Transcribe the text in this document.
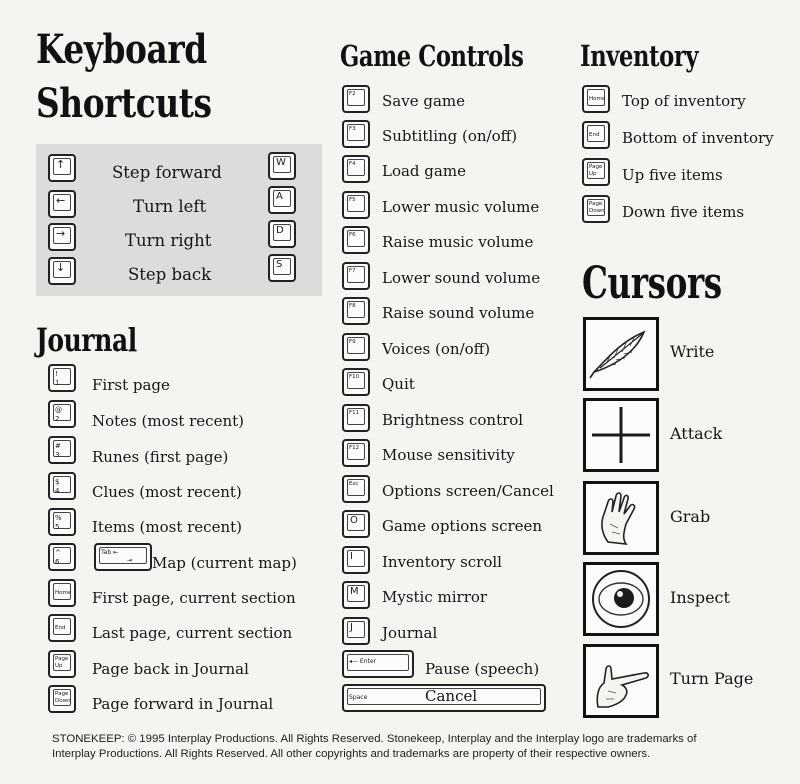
Keyboard
Shortcuts
↑	Step forward
W
←	Turn left
A
→	Turn right
D
↓	Step back
S
Journal
!
1	First page
@
2	Notes (most recent)
#
3	Runes (first page)
$
4	Clues (most recent)
%
5	Items (most recent)
^
6
Tab ⇤
⇥	Map (current map)
Home First page, current section
End	Last page, current section
Page
Up	Page back in Journal
Page
Down Page forward in Journal
Game Controls
F2	Save game
F3	Subtitling (on/off)
F4	Load game
F5	Lower music volume
F6	Raise music volume
F7	Lower sound volume
F8	Raise sound volume
F9	Voices (on/off)
F10	Quit
F11	Brightness control
F12	Mouse sensitivity
Esc	Options screen/Cancel
O	Game options screen
I	Inventory scroll
M	Mystic mirror
J	Journal
◂— Enter	Pause (speech)
Space	Cancel
Inventory
Home Top of inventory
End	Bottom of inventory
Page
Up	Up five items
Page
Down Down five items
Cursors
Write
Attack
Grab
Inspect
Turn Page
STONEKEEP: © 1995 Interplay Productions. All Rights Reserved. Stonekeep, Interplay and the Interplay logo are trademarks of
Interplay Productions. All Rights Reserved. All other copyrights and trademarks are property of their respective owners.
